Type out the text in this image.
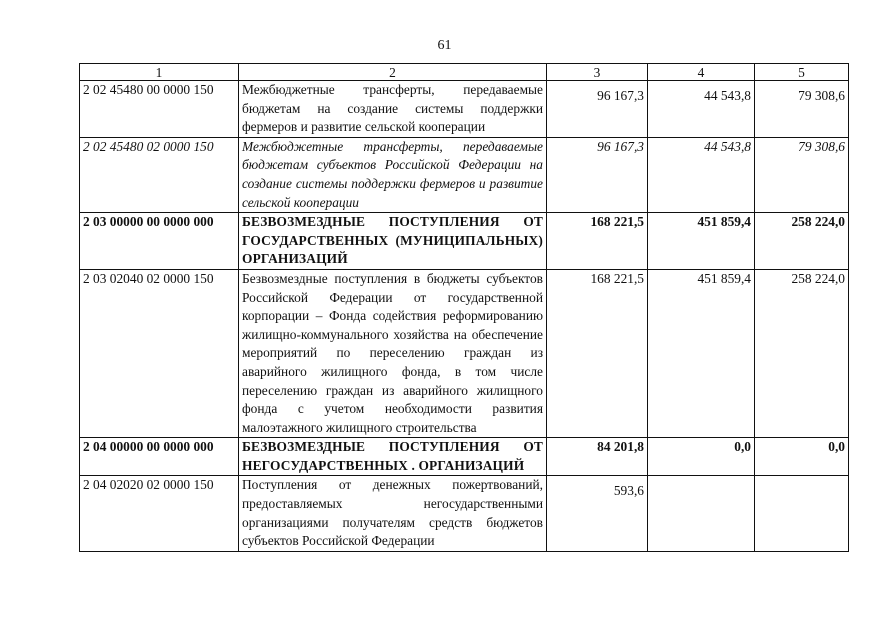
61
1	2	3	4	5
2 02 45480 00 0000 150	Межбюджетные трансферты, передаваемые бюджетам на создание системы поддержки фермеров и развитие сельской кооперации	96 167,3	44 543,8	79 308,6
2 02 45480 02 0000 150	Межбюджетные трансферты, передаваемые бюджетам субъектов Российской Федерации на создание системы поддержки фермеров и развитие сельской кооперации	96 167,3	44 543,8	79 308,6
2 03 00000 00 0000 000	БЕЗВОЗМЕЗДНЫЕ ПОСТУПЛЕНИЯ ОТ ГОСУДАРСТВЕННЫХ (МУНИЦИПАЛЬНЫХ) ОРГАНИЗАЦИЙ	168 221,5	451 859,4	258 224,0
2 03 02040 02 0000 150	Безвозмездные поступления в бюджеты субъектов Российской Федерации от государственной корпорации – Фонда содействия реформированию жилищно-коммунального хозяйства на обеспечение мероприятий по переселению граждан из аварийного жилищного фонда, в том числе переселению граждан из аварийного жилищного фонда с учетом необходимости развития малоэтажного жилищного строительства	168 221,5	451 859,4	258 224,0
2 04 00000 00 0000 000	БЕЗВОЗМЕЗДНЫЕ ПОСТУПЛЕНИЯ ОТ НЕГОСУДАРСТВЕННЫХ . ОРГАНИЗАЦИЙ	84 201,8	0,0	0,0
2 04 02020 02 0000 150	Поступления от денежных пожертвований, предоставляемых негосударственными организациями получателям средств бюджетов субъектов Российской Федерации	593,6		
